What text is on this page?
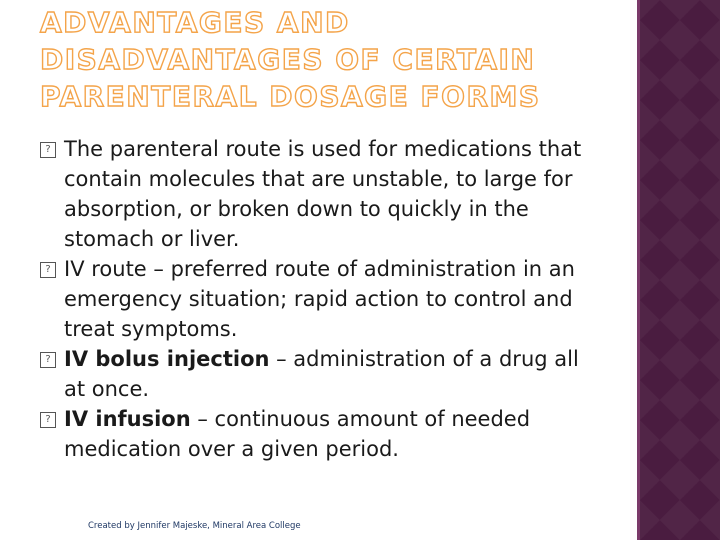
ADVANTAGES AND DISADVANTAGES OF CERTAIN PARENTERAL DOSAGE FORMS
? The parenteral route is used for medications that contain molecules that are unstable, to large for absorption, or broken down to quickly in the stomach or liver.
? IV route – preferred route of administration in an emergency situation; rapid action to control and treat symptoms.
? IV bolus injection – administration of a drug all at once.
? IV infusion – continuous amount of needed medication over a given period.
Created by Jennifer Majeske, Mineral Area College
